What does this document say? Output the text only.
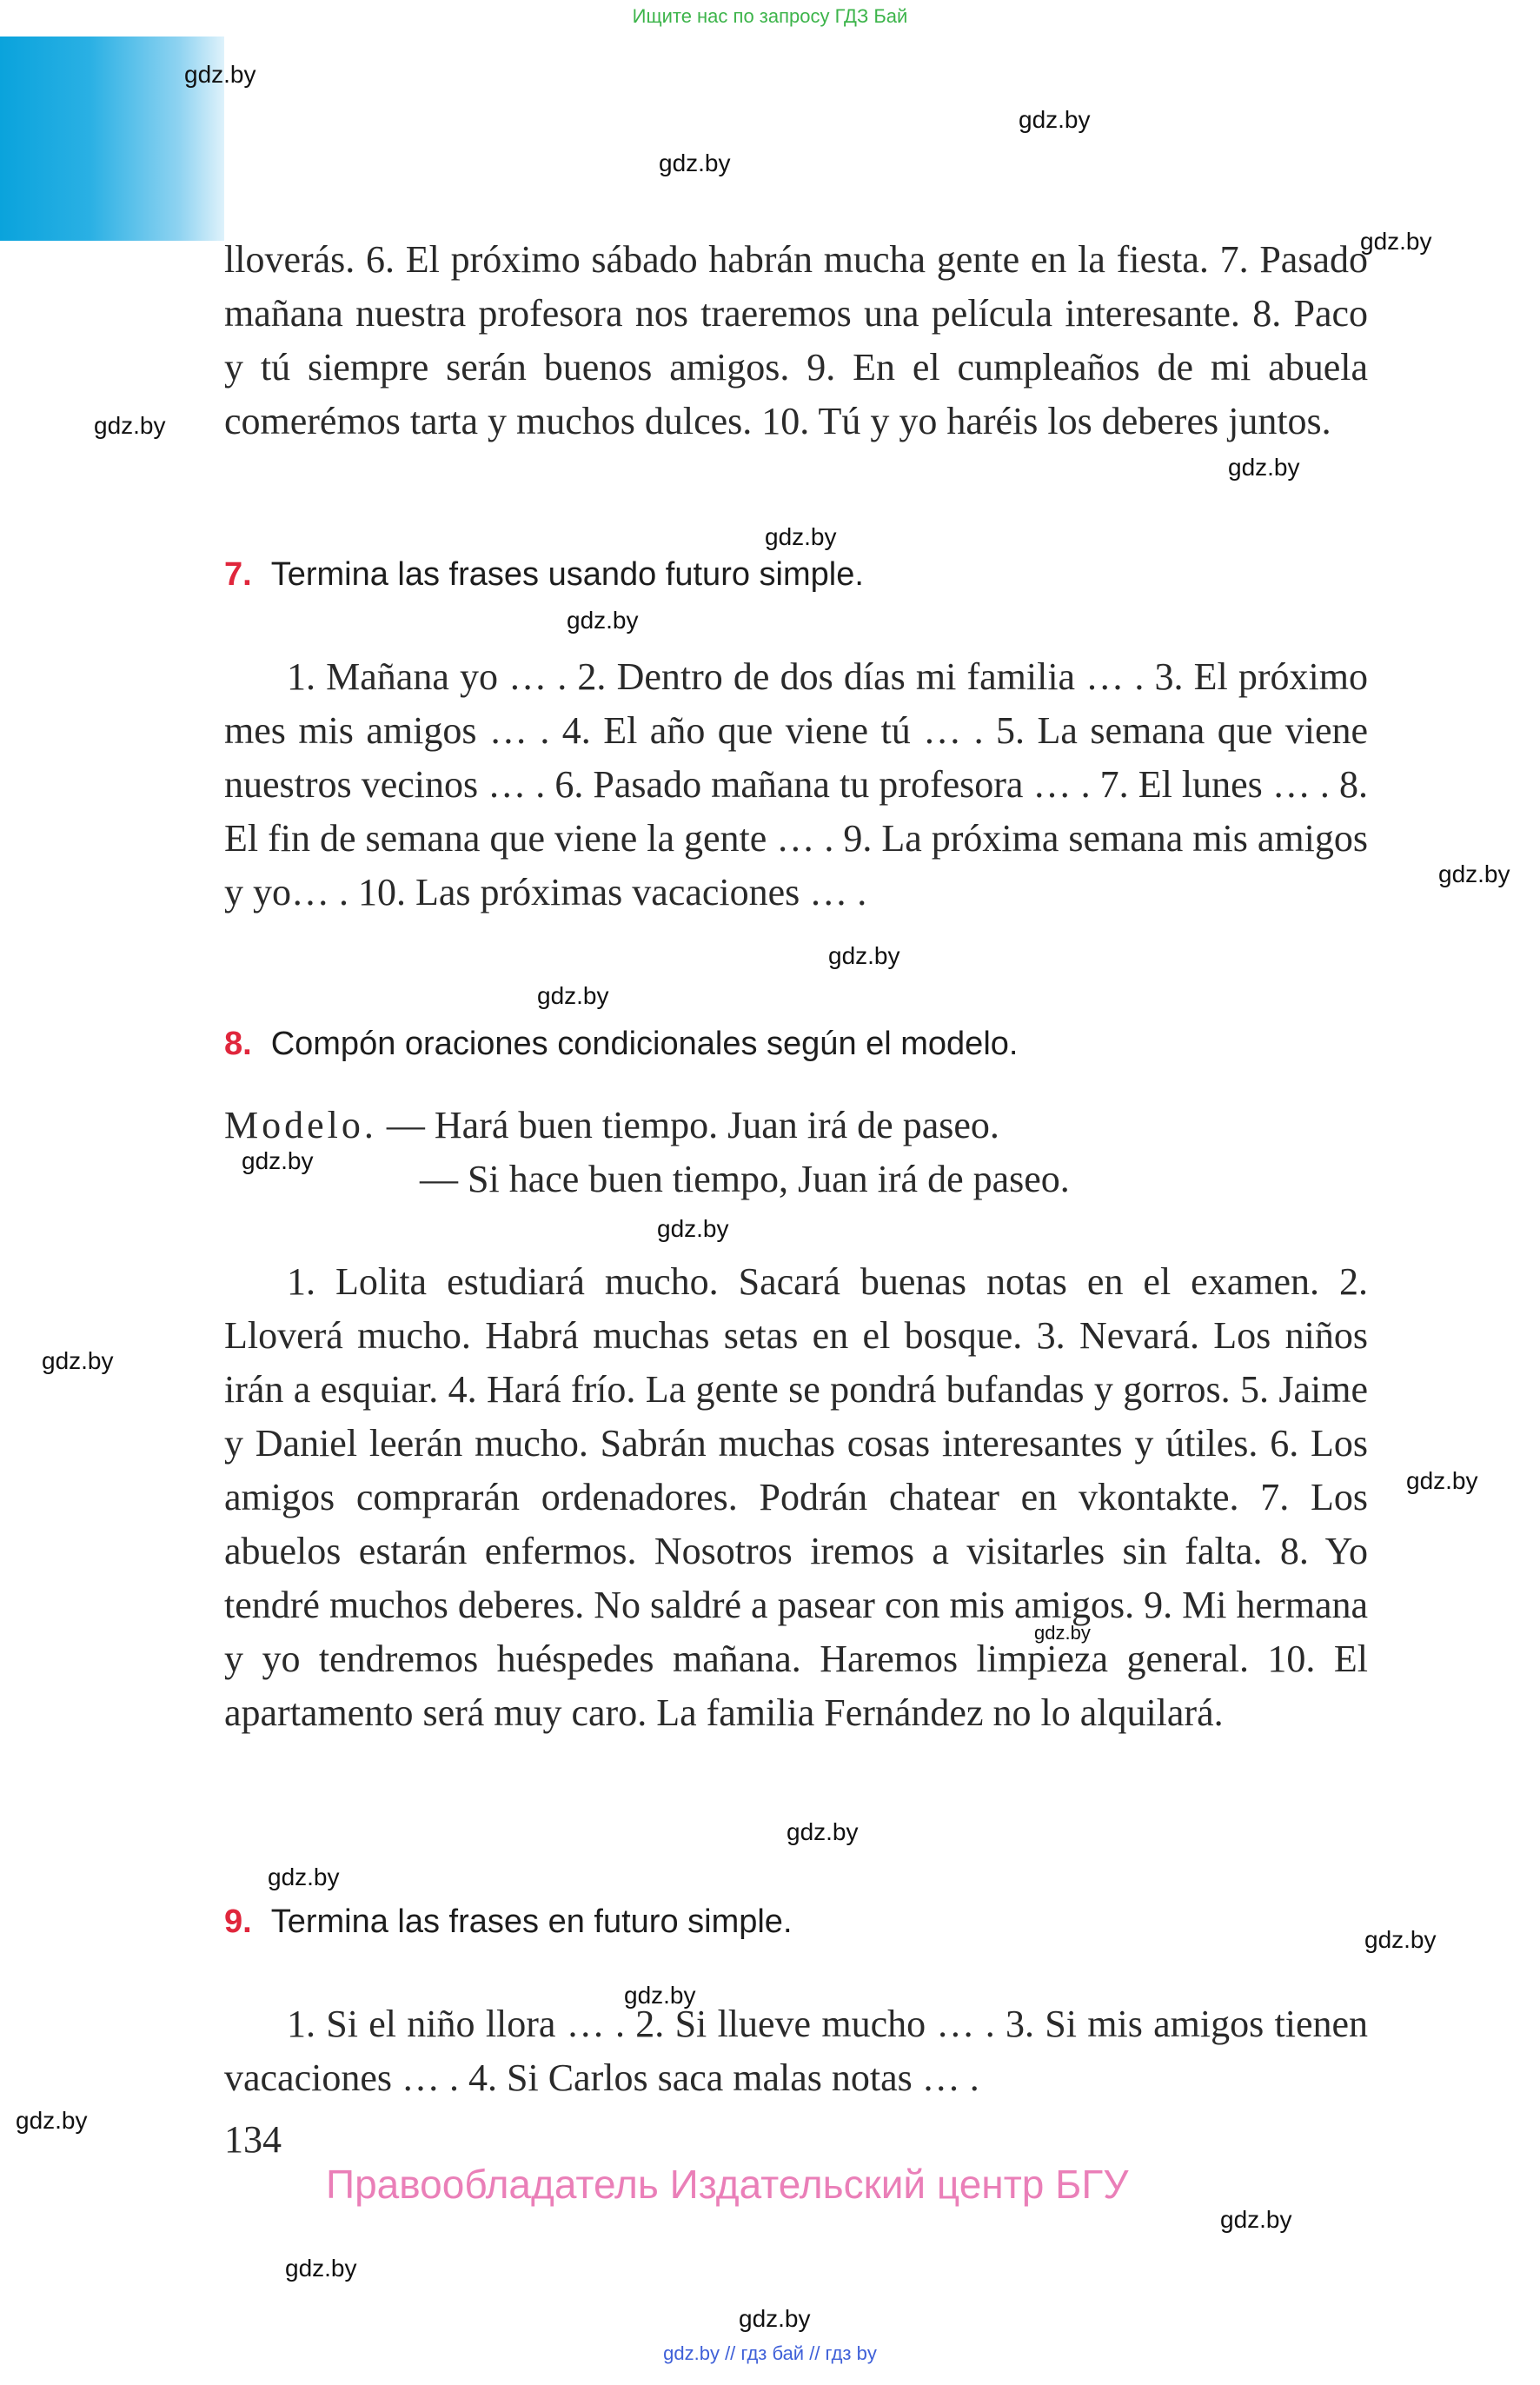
Ищите нас по запросу ГДЗ Бай

lloverás. 6. El próximo sábado habrán mucha gente en la fiesta. 7. Pasado mañana nuestra profesora nos traeremos una película interesante. 8. Paco y tú siempre serán buenos amigos. 9. En el cumpleaños de mi abuela comerémos tarta y muchos dulces. 10. Tú y yo haréis los deberes juntos.

7. Termina las frases usando futuro simple.

1. Mañana yo … . 2. Dentro de dos días mi familia … . 3. El próximo mes mis amigos … . 4. El año que viene tú … . 5. La semana que viene nuestros vecinos … . 6. Pasado mañana tu profesora … . 7. El lunes … . 8. El fin de semana que viene la gente … . 9. La próxima semana mis amigos y yo… . 10. Las próximas vacaciones … .

8. Compón oraciones condicionales según el modelo.
Modelo. — Hará buen tiempo. Juan irá de paseo.
— Si hace buen tiempo, Juan irá de paseo.

1. Lolita estudiará mucho. Sacará buenas notas en el examen. 2. Lloverá mucho. Habrá muchas setas en el bosque. 3. Nevará. Los niños irán a esquiar. 4. Hará frío. La gente se pondrá bufandas y gorros. 5. Jaime y Daniel leerán mucho. Sabrán muchas cosas interesantes y útiles. 6. Los amigos comprarán ordenadores. Podrán chatear en vkontakte. 7. Los abuelos estarán enfermos. Nosotros iremos a visitarles sin falta. 8. Yo tendré muchos deberes. No saldré a pasear con mis amigos. 9. Mi hermana y yo tendremos huéspedes mañana. Haremos limpieza general. 10. El apartamento será muy caro. La familia Fernández no lo alquilará.

9. Termina las frases en futuro simple.

1. Si el niño llora … . 2. Si llueve mucho … . 3. Si mis amigos tienen vacaciones … . 4. Si Carlos saca malas notas … .

134
Правообладатель Издательский центр БГУ
gdz.by // гдз бай // гдз by
gdz.by
gdz.by
gdz.by
gdz.by
gdz.by
gdz.by
gdz.by
gdz.by
gdz.by
gdz.by
gdz.by
gdz.by
gdz.by
gdz.by
gdz.by
gdz.by
gdz.by
gdz.by
gdz.by
gdz.by
gdz.by
gdz.by
gdz.by
gdz.by
